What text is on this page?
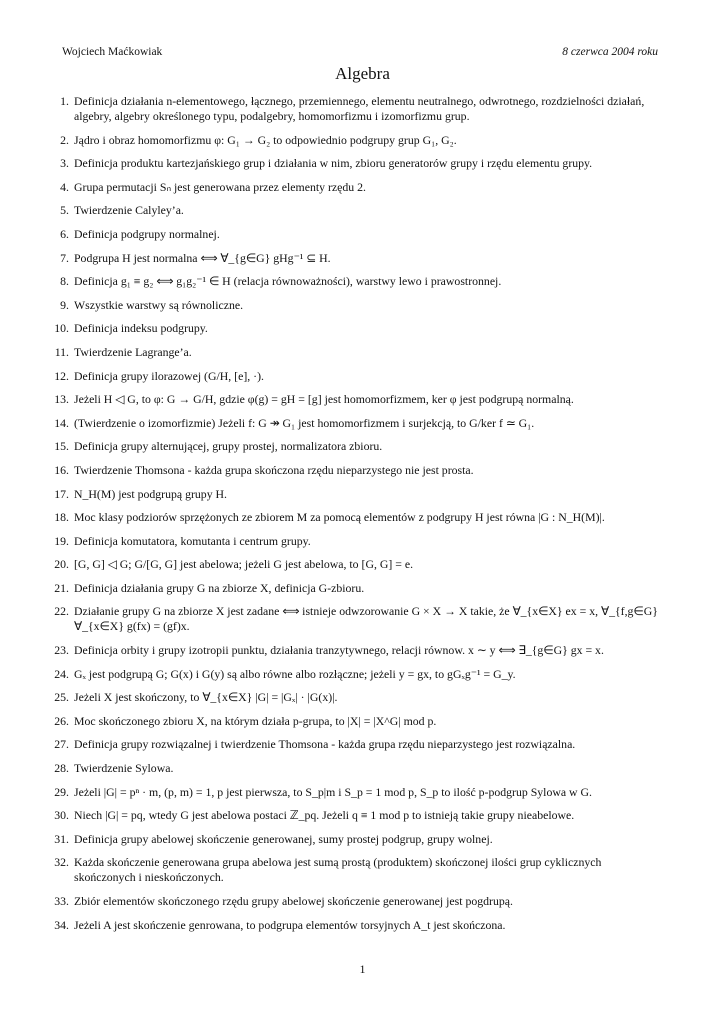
Wojciech Maćkowiak	8 czerwca 2004 roku
Algebra
1. Definicja działania n-elementowego, łącznego, przemiennego, elementu neutralnego, odwrotnego, rozdzielności działań, algebry, algebry określonego typu, podalgebry, homomorfizmu i izomorfizmu grup.
2. Jądro i obraz homomorfizmu φ: G₁ → G₂ to odpowiednio podgrupy grup G₁, G₂.
3. Definicja produktu kartezjańskiego grup i działania w nim, zbioru generatorów grupy i rzędu elementu grupy.
4. Grupa permutacji Sₙ jest generowana przez elementy rzędu 2.
5. Twierdzenie Calyley’a.
6. Definicja podgrupy normalnej.
7. Podgrupa H jest normalna ⟺ ∀_{g∈G} gHg⁻¹ ⊆ H.
8. Definicja g₁ ≡ g₂ ⟺ g₁g₂⁻¹ ∈ H (relacja równoważności), warstwy lewo i prawostronnej.
9. Wszystkie warstwy są równoliczne.
10. Definicja indeksu podgrupy.
11. Twierdzenie Lagrange’a.
12. Definicja grupy ilorazowej (G/H, [e], ·).
13. Jeżeli H ◁ G, to φ: G → G/H, gdzie φ(g) = gH = [g] jest homomorfizmem, ker φ jest podgrupą normalną.
14. (Twierdzenie o izomorfizmie) Jeżeli f: G ↠ G₁ jest homomorfizmem i surjekcją, to G/ker f ≃ G₁.
15. Definicja grupy alternującej, grupy prostej, normalizatora zbioru.
16. Twierdzenie Thomsona - każda grupa skończona rzędu nieparzystego nie jest prosta.
17. N_H(M) jest podgrupą grupy H.
18. Moc klasy podziorów sprzężonych ze zbiorem M za pomocą elementów z podgrupy H jest równa |G : N_H(M)|.
19. Definicja komutatora, komutanta i centrum grupy.
20. [G, G] ◁ G; G/[G, G] jest abelowa; jeżeli G jest abelowa, to [G, G] = e.
21. Definicja działania grupy G na zbiorze X, definicja G-zbioru.
22. Działanie grupy G na zbiorze X jest zadane ⟺ istnieje odwzorowanie G × X → X takie, że ∀_{x∈X} ex = x, ∀_{f,g∈G} ∀_{x∈X} g(fx) = (gf)x.
23. Definicja orbity i grupy izotropii punktu, działania tranzytywnego, relacji równow. x ∼ y ⟺ ∃_{g∈G} gx = x.
24. Gₓ jest podgrupą G; G(x) i G(y) są albo równe albo rozłączne; jeżeli y = gx, to gGₓg⁻¹ = G_y.
25. Jeżeli X jest skończony, to ∀_{x∈X} |G| = |Gₓ| · |G(x)|.
26. Moc skończonego zbioru X, na którym działa p-grupa, to |X| = |X^G| mod p.
27. Definicja grupy rozwiązalnej i twierdzenie Thomsona - każda grupa rzędu nieparzystego jest rozwiązalna.
28. Twierdzenie Sylowa.
29. Jeżeli |G| = pⁿ · m, (p, m) = 1, p jest pierwsza, to S_p|m i S_p = 1 mod p, S_p to ilość p-podgrup Sylowa w G.
30. Niech |G| = pq, wtedy G jest abelowa postaci ℤ_pq. Jeżeli q ≡ 1 mod p to istnieją takie grupy nieabelowe.
31. Definicja grupy abelowej skończenie generowanej, sumy prostej podgrup, grupy wolnej.
32. Każda skończenie generowana grupa abelowa jest sumą prostą (produktem) skończonej ilości grup cyklicznych skończonych i nieskończonych.
33. Zbiór elementów skończonego rzędu grupy abelowej skończenie generowanej jest pogdrupą.
34. Jeżeli A jest skończenie genrowana, to podgrupa elementów torsyjnych A_t jest skończona.
1
